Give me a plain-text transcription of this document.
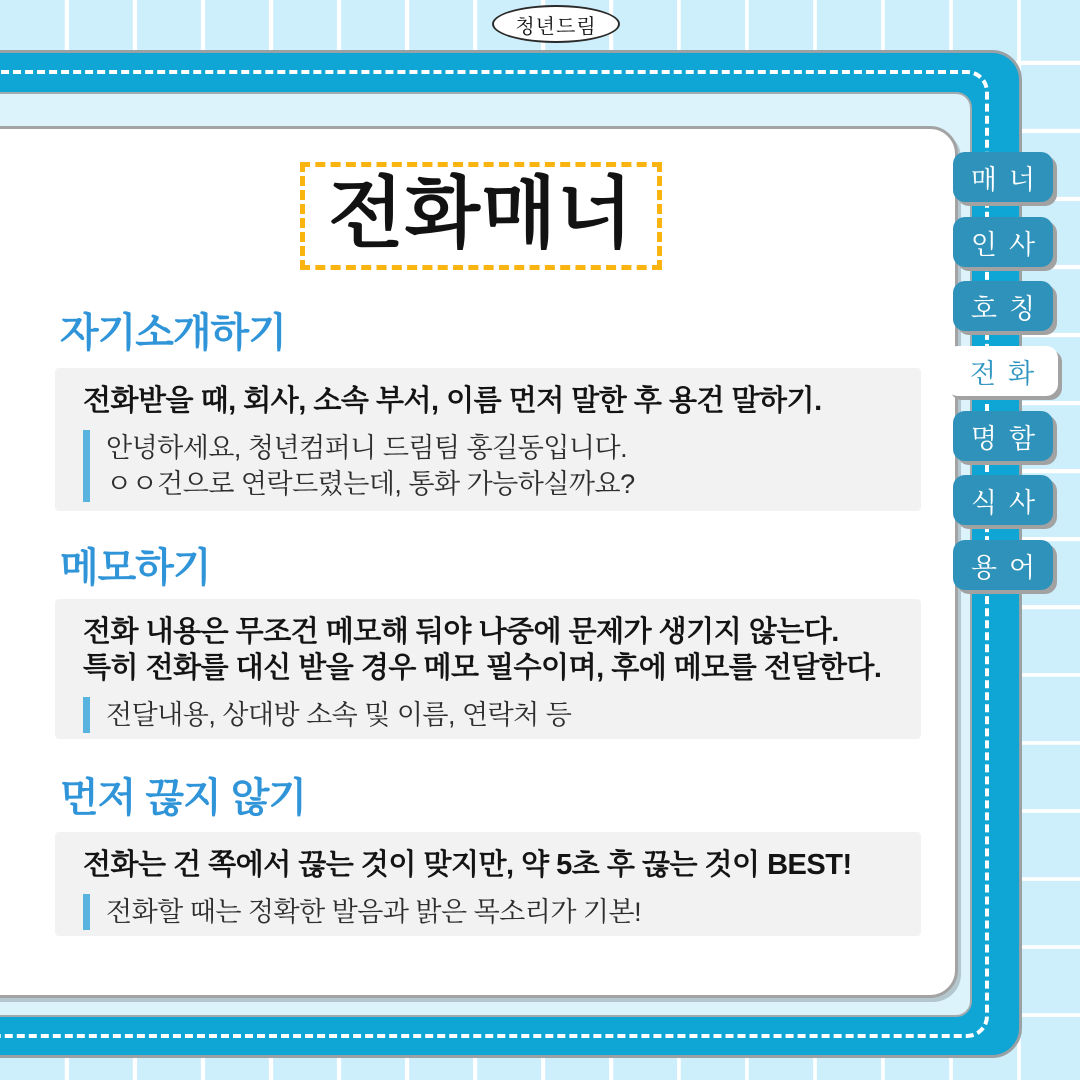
청년드림
전화매너
자기소개하기
전화받을 때, 회사, 소속 부서, 이름 먼저 말한 후 용건 말하기.
안녕하세요, 청년컴퍼니 드림팀 홍길동입니다.
ㅇㅇ건으로 연락드렸는데, 통화 가능하실까요?
메모하기
전화 내용은 무조건 메모해 둬야 나중에 문제가 생기지 않는다.
특히 전화를 대신 받을 경우 메모 필수이며, 후에 메모를 전달한다.
전달내용, 상대방 소속 및 이름, 연락처 등
먼저 끊지 않기
전화는 건 쪽에서 끊는 것이 맞지만, 약 5초 후 끊는 것이 BEST!
전화할 때는 정확한 발음과 밝은 목소리가 기본!
매너
인사
호칭
전화
명함
식사
용어
